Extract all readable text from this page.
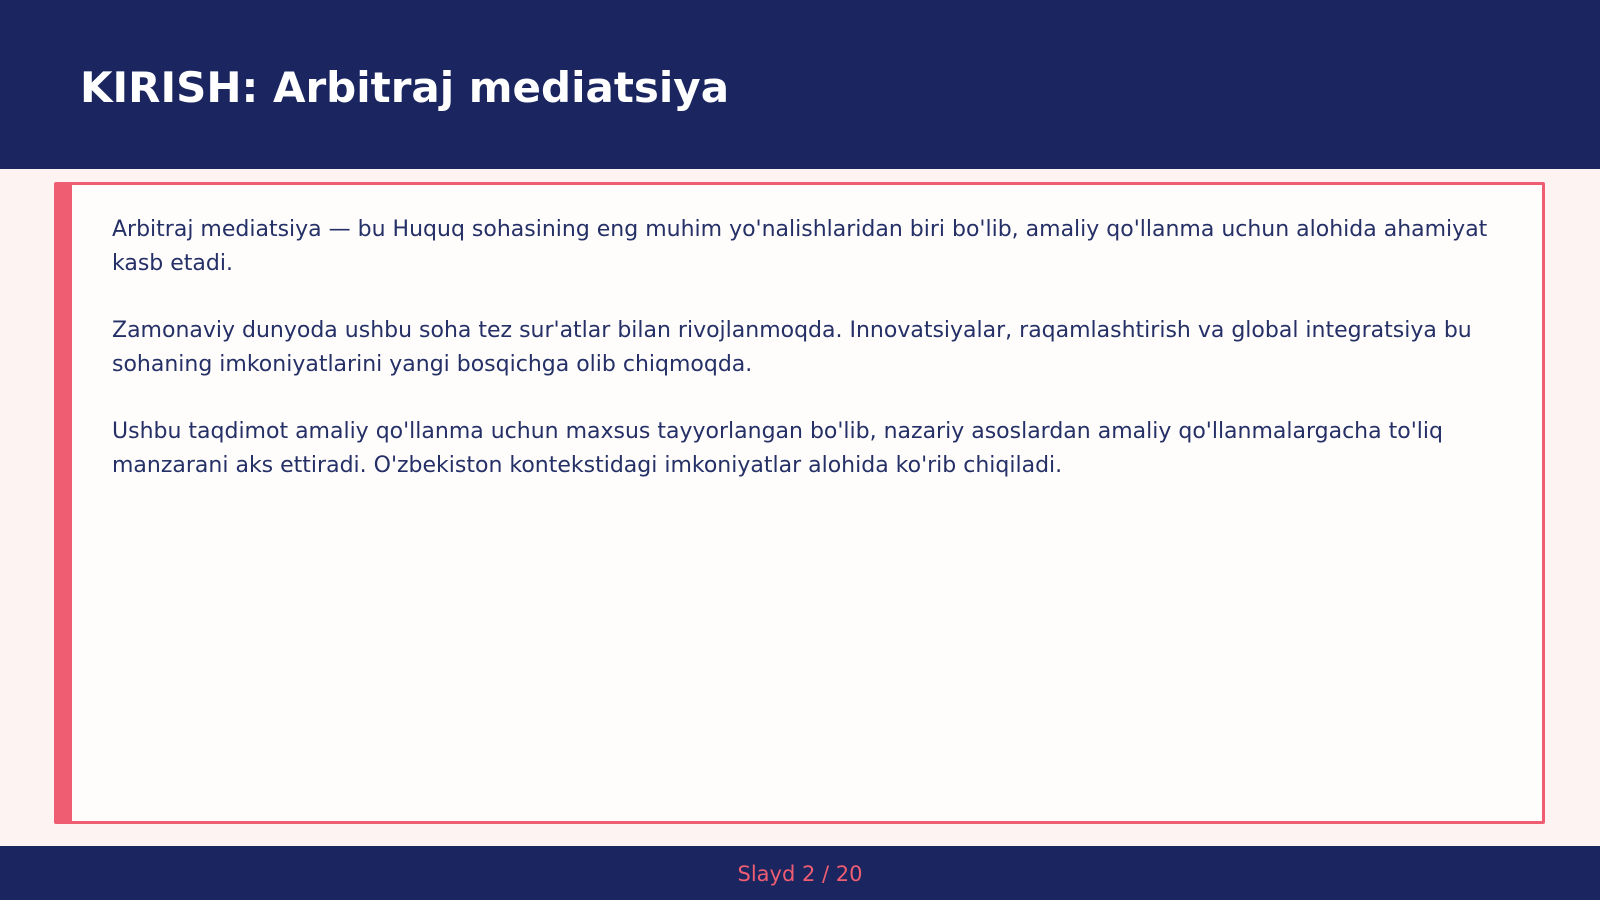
KIRISH: Arbitraj mediatsiya

Arbitraj mediatsiya — bu Huquq sohasining eng muhim yo'nalishlaridan biri bo'lib, amaliy qo'llanma uchun alohida ahamiyat kasb etadi.

Zamonaviy dunyoda ushbu soha tez sur'atlar bilan rivojlanmoqda. Innovatsiyalar, raqamlashtirish va global integratsiya bu sohaning imkoniyatlarini yangi bosqichga olib chiqmoqda.

Ushbu taqdimot amaliy qo'llanma uchun maxsus tayyorlangan bo'lib, nazariy asoslardan amaliy qo'llanmalargacha to'liq manzarani aks ettiradi. O'zbekiston kontekstidagi imkoniyatlar alohida ko'rib chiqiladi.

Slayd 2 / 20
